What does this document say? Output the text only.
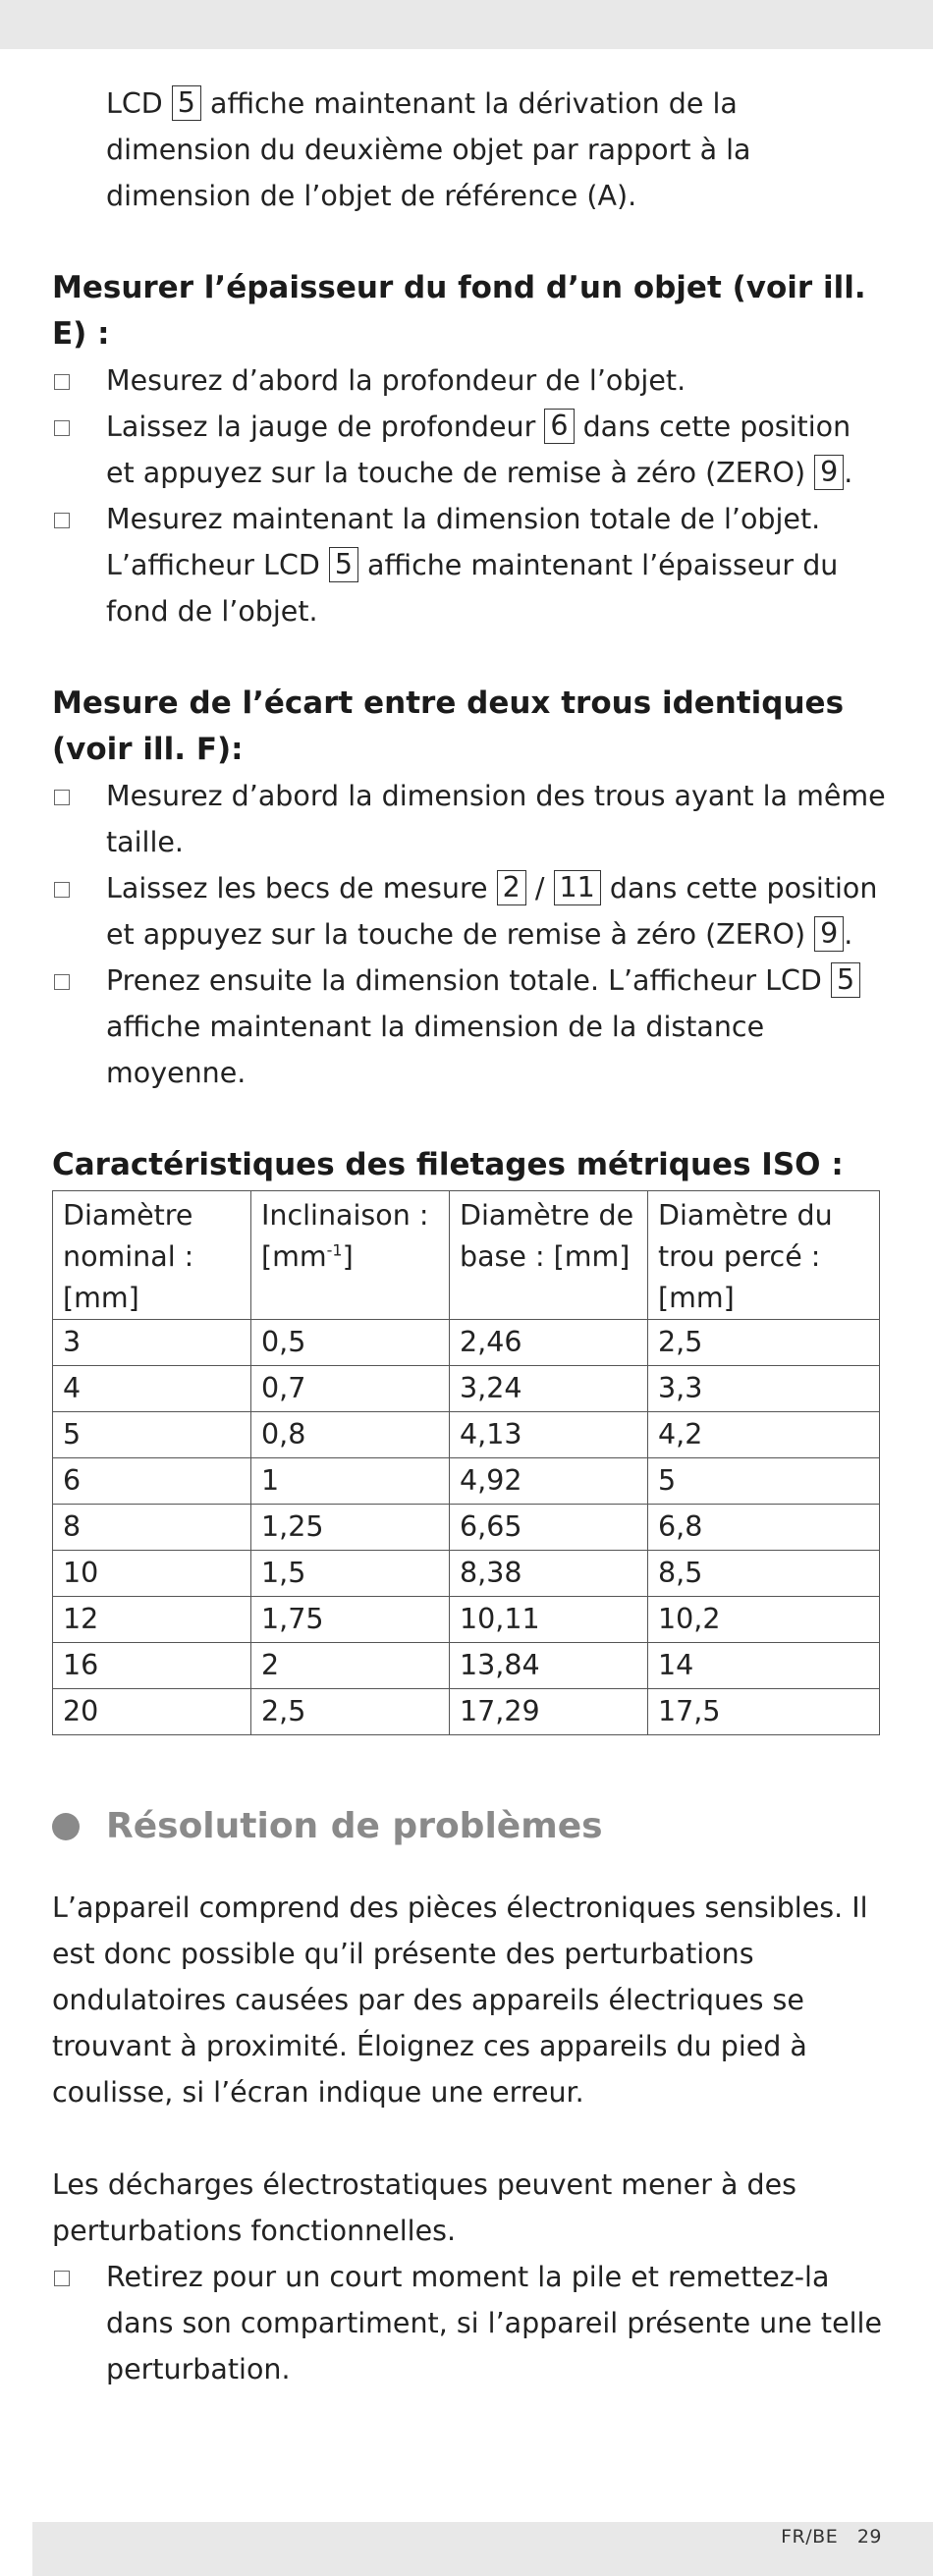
LCD 5 affiche maintenant la dérivation de la dimension du deuxième objet par rapport à la dimension de l’objet de référence (A).

Mesurer l’épaisseur du fond d’un objet (voir ill. E) :

Mesurez d’abord la profondeur de l’objet.

Laissez la jauge de profondeur 6 dans cette position et appuyez sur la touche de remise à zéro (ZERO) 9 .

Mesurez maintenant la dimension totale de l’objet. L’afficheur LCD 5 affiche maintenant l’épaisseur du fond de l’objet.

Mesure de l’écart entre deux trous identiques (voir ill. F):

Mesurez d’abord la dimension des trous ayant la même taille.

Laissez les becs de mesure 2 / 11 dans cette position et appuyez sur la touche de remise à zéro (ZERO) 9 .

Prenez ensuite la dimension totale. L’afficheur LCD 5 affiche maintenant la dimension de la distance moyenne.

Caractéristiques des filetages métriques ISO :
Diamètre nominal : [mm]	Inclinaison : $[mm^{-1}]$	Diamètre de base : [mm]	Diamètre du trou percé : [mm]
3	0,5	2,46	2,5
4	0,7	3,24	3,3
5	0,8	4,13	4,2
6	1	4,92	5
8	1,25	6,65	6,8
10	1,5	8,38	8,5
12	1,75	10,11	10,2
16	2	13,84	14
20	2,5	17,29	17,5
Résolution de problèmes

L’appareil comprend des pièces électroniques sensibles. Il est donc possible qu’il présente des perturbations ondulatoires causées par des appareils électriques se trouvant à proximité. Éloignez ces appareils du pied à coulisse, si l’écran indique une erreur.

Les décharges électrostatiques peuvent mener à des perturbations fonctionnelles.

Retirez pour un court moment la pile et remettez-la dans son compartiment, si l’appareil présente une telle perturbation.

FR/BE   29
